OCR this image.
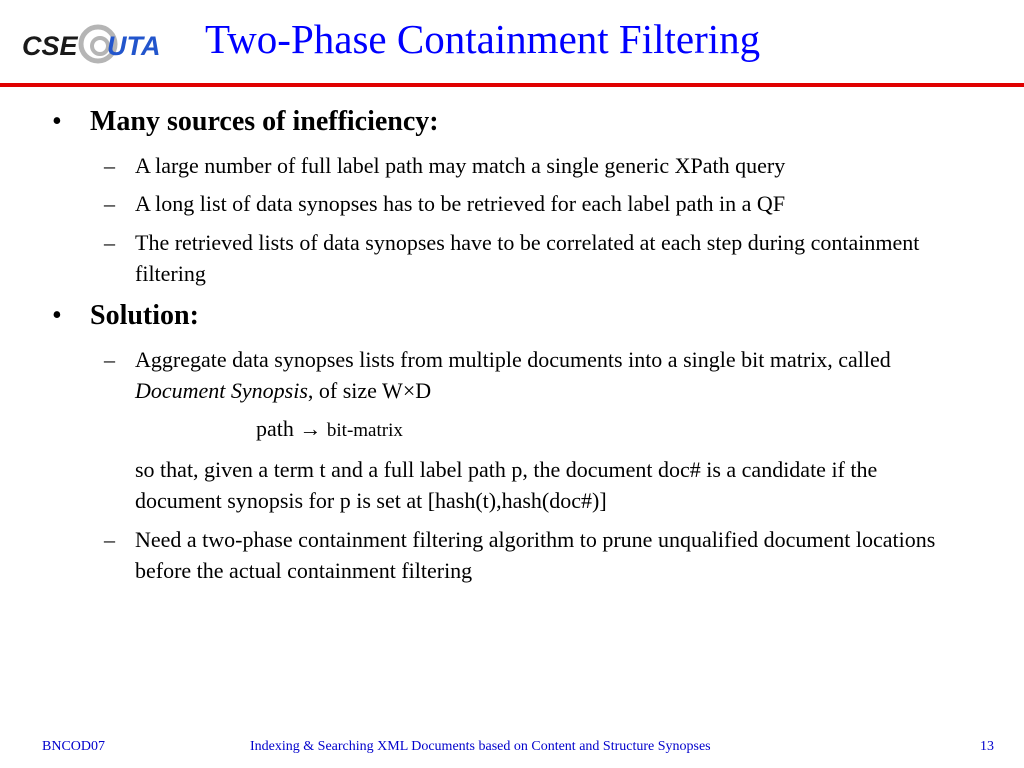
CSE UTA Two-Phase Containment Filtering
• Many sources of inefficiency:
– A large number of full label path may match a single generic XPath query
– A long list of data synopses has to be retrieved for each label path in a QF
– The retrieved lists of data synopses have to be correlated at each step during containment filtering
• Solution:
– Aggregate data synopses lists from multiple documents into a single bit matrix, called Document Synopsis, of size W×D
path → bit-matrix
so that, given a term t and a full label path p, the document doc# is a candidate if the document synopsis for p is set at [hash(t),hash(doc#)]
– Need a two-phase containment filtering algorithm to prune unqualified document locations before the actual containment filtering
BNCOD07	Indexing & Searching XML Documents based on Content and Structure Synopses	13
